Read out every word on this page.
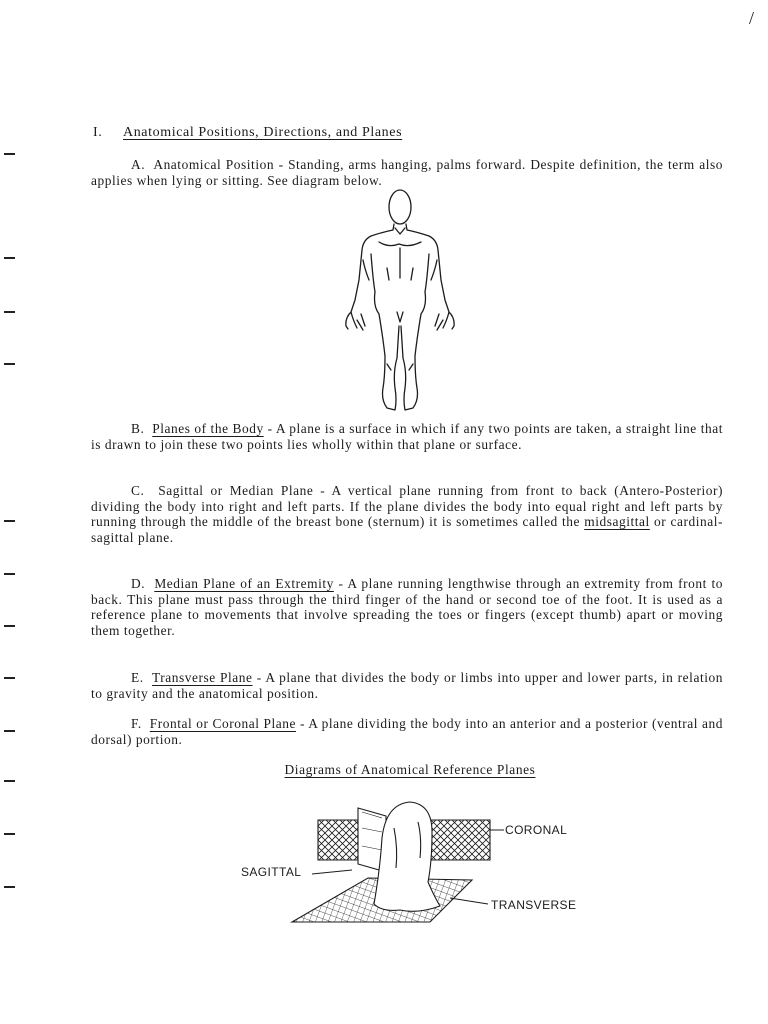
/
I. Anatomical Positions, Directions, and Planes

A. Anatomical Position - Standing, arms hanging, palms forward. Despite definition, the term also applies when lying or sitting. See diagram below.

B. Planes of the Body - A plane is a surface in which if any two points are taken, a straight line that is drawn to join these two points lies wholly within that plane or surface.

C. Sagittal or Median Plane - A vertical plane running from front to back (Antero-Posterior) dividing the body into right and left parts. If the plane divides the body into equal right and left parts by running through the middle of the breast bone (sternum) it is sometimes called the midsagittal or cardinal-sagittal plane.

D. Median Plane of an Extremity - A plane running lengthwise through an extremity from front to back. This plane must pass through the third finger of the hand or second toe of the foot. It is used as a reference plane to movements that involve spreading the toes or fingers (except thumb) apart or moving them together.

E. Transverse Plane - A plane that divides the body or limbs into upper and lower parts, in relation to gravity and the anatomical position.

F. Frontal or Coronal Plane - A plane dividing the body into an anterior and a posterior (ventral and dorsal) portion.

Diagrams of Anatomical Reference Planes
CORONAL
SAGITTAL
TRANSVERSE
